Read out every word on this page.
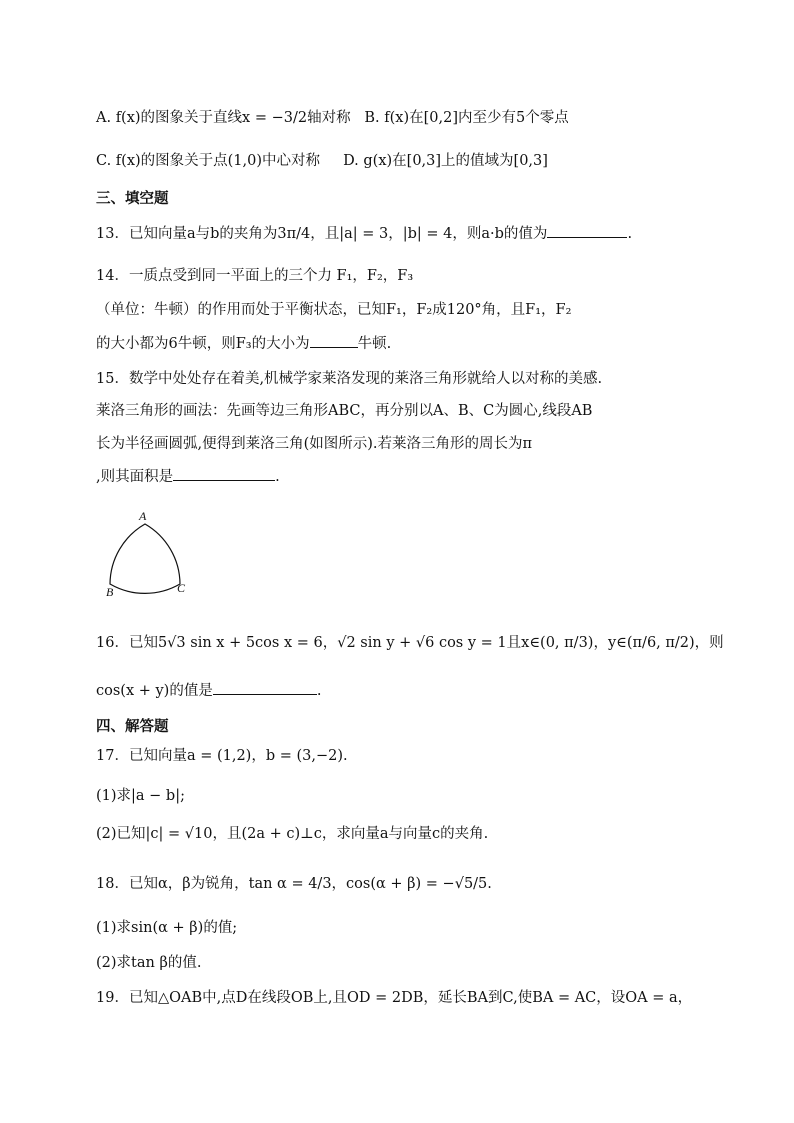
A. f(x)的图象关于直线x = −3/2轴对称 B. f(x)在[0,2]内至少有5个零点
C. f(x)的图象关于点(1,0)中心对称 D. g(x)在[0,3]上的值域为[0,3]
三、填空题
13．已知向量a与b的夹角为3π/4，且|a| = 3，|b| = 4，则a·b的值为	.
14．一质点受到同一平面上的三个力 F₁，F₂，F₃
（单位：牛顿）的作用而处于平衡状态，已知F₁，F₂成120°角，且F₁，F₂
的大小都为6牛顿，则F₃的大小为	牛顿.
15．数学中处处存在着美,机械学家莱洛发现的莱洛三角形就给人以对称的美感.
莱洛三角形的画法：先画等边三角形ABC，再分别以A、B、C为圆心,线段AB
长为半径画圆弧,便得到莱洛三角(如图所示).若莱洛三角形的周长为π
,则其面积是	.
A
B	C
16．已知5√3 sin x + 5cos x = 6，√2 sin y + √6 cos y = 1且x∈(0, π/3)，y∈(π/6, π/2)，则
cos(x + y)的值是	.
四、解答题
17．已知向量a = (1,2)，b = (3,−2).
(1)求|a − b|;
(2)已知|c| = √10，且(2a + c)⊥c，求向量a与向量c的夹角.
18．已知α，β为锐角，tan α = 4/3，cos(α + β) = −√5/5.
(1)求sin(α + β)的值;
(2)求tan β的值.
19．已知△OAB中,点D在线段OB上,且OD = 2DB，延长BA到C,使BA = AC，设OA = a，
